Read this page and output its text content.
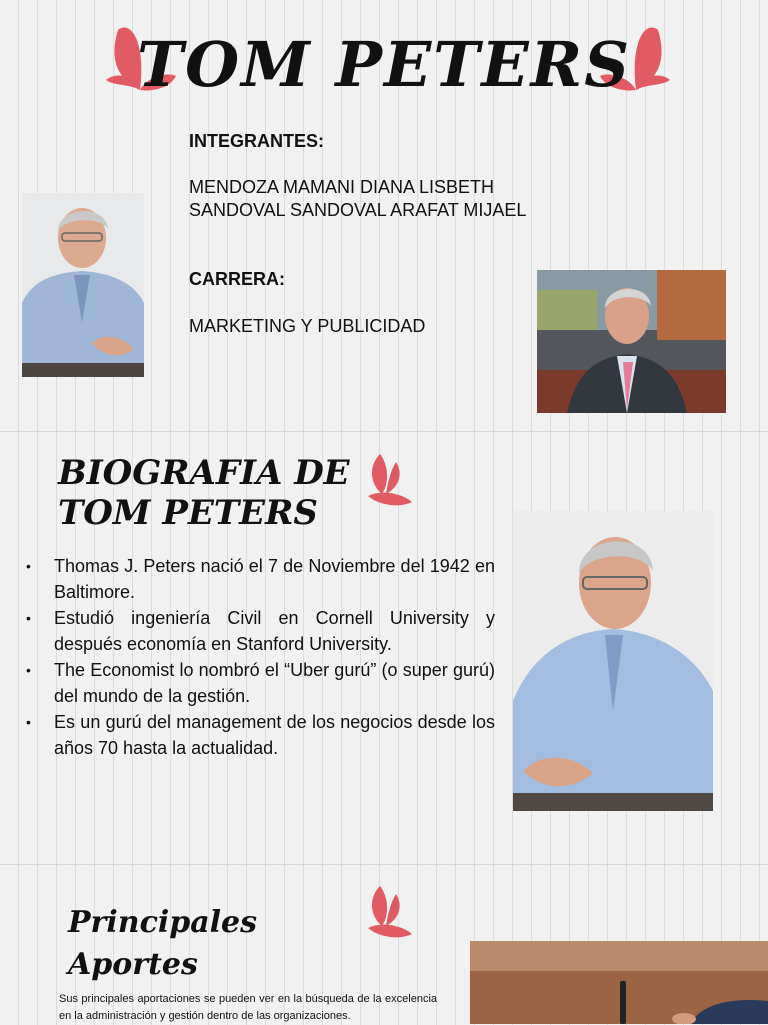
TOM PETERS
INTEGRANTES:
MENDOZA MAMANI DIANA LISBETH
SANDOVAL SANDOVAL ARAFAT MIJAEL
CARRERA:
MARKETING Y PUBLICIDAD
BIOGRAFIA DE
TOM PETERS
• Thomas J. Peters nació el 7 de Noviembre del 1942 en Baltimore.
• Estudió ingeniería Civil en Cornell University y después economía en Stanford University.
• The Economist lo nombró el “Uber gurú” (o super gurú) del mundo de la gestión.
• Es un gurú del management de los negocios desde los años 70 hasta la actualidad.
Principales
Aportes
Sus principales aportaciones se pueden ver en la búsqueda de la excelencia en la administración y gestión dentro de las organizaciones.
